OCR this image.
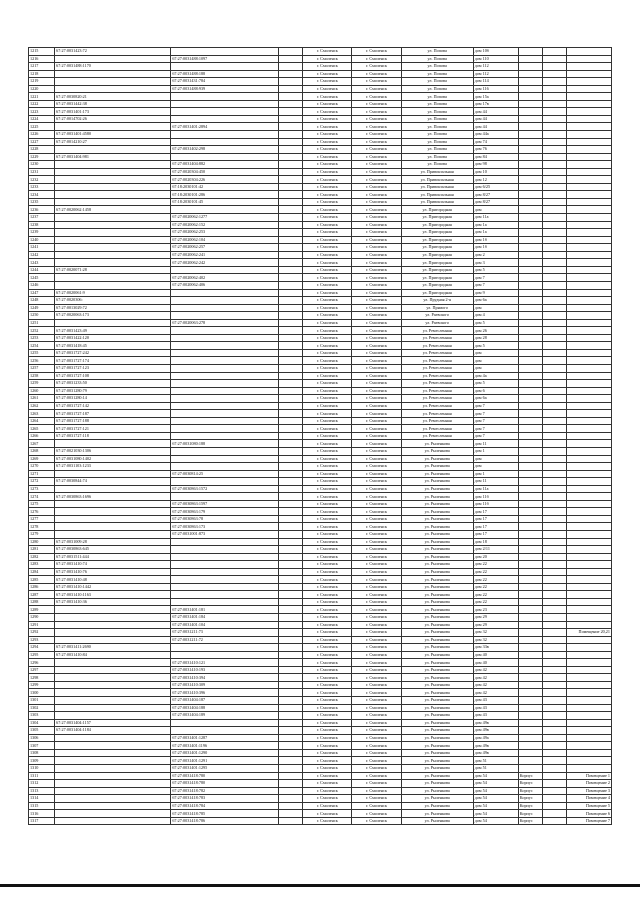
1215	67:27:0031423:72			г. Смоленск	г. Смоленск	ул. Попова	дом 10б			
1216		67:27:0031488:1097		г. Смоленск	г. Смоленск	ул. Попова	дом 110			
1217	67:27:0031488:1170			г. Смоленск	г. Смоленск	ул. Попова	дом 112			
1218		67:27:0031488:188		г. Смоленск	г. Смоленск	ул. Попова	дом 112			
1219		67:27:0031431:784		г. Смоленск	г. Смоленск	ул. Попова	дом 114			
1220		67:27:0031488:939		г. Смоленск	г. Смоленск	ул. Попова	дом 116			
1221	67:27:0030820:21			г. Смоленск	г. Смоленск	ул. Попова	дом 15а			
1222	67:27:0031442:38			г. Смоленск	г. Смоленск	ул. Попова	дом 17в			
1223	67:27:0031401:173			г. Смоленск	г. Смоленск	ул. Попова	дом 44			
1224	67:27:0014702:26			г. Смоленск	г. Смоленск	ул. Попова	дом 44			
1225		67:27:0031401:2894		г. Смоленск	г. Смоленск	ул. Попова	дом 44			
1226	67:27:0031401:4580			г. Смоленск	г. Смоленск	ул. Попова	дом 44а			
1227	67:27:0014210:27			г. Смоленск	г. Смоленск	ул. Попова	дом 74			
1228		67:27:0031402:298		г. Смоленск	г. Смоленск	ул. Попова	дом 76			
1229	67:27:0031404:981			г. Смоленск	г. Смоленск	ул. Попова	дом 84			
1230		67:27:0031404:882		г. Смоленск	г. Смоленск	ул. Попова	дом 98			
1231		67:27:0020304:450		г. Смоленск	г. Смоленск	ул. Привокзальная	дом 10			
1232		67:27:0020304:226		г. Смоленск	г. Смоленск	ул. Привокзальная	дом 12			
1233		67:18:2030101:42		г. Смоленск	г. Смоленск	ул. Привокзальная	дом 6/25			
1234		67:18:2030101:286		г. Смоленск	г. Смоленск	ул. Привокзальная	дом 8/27			
1235		67:18:2030101:45		г. Смоленск	г. Смоленск	ул. Привокзальная	дом 8/27			
1236	67:27:0020062:1458			г. Смоленск	г. Смоленск	ул. Пригородная	дом			
1237		67:27:0020062:1277		г. Смоленск	г. Смоленск	ул. Пригородная	дом 11а			
1238		67:27:0020062:152		г. Смоленск	г. Смоленск	ул. Пригородная	дом 1а			
1239		67:27:0020062:253		г. Смоленск	г. Смоленск	ул. Пригородная	дом 1а			
1240		67:27:0020062:104		г. Смоленск	г. Смоленск	ул. Пригородная	дом 1б			
1241		67:27:0020062:257		г. Смоленск	г. Смоленск	ул. Пригородная	дом 1б			
1242		67:27:0020062:241		г. Смоленск	г. Смоленск	ул. Пригородная	дом 2			
1243		67:27:0020062:242		г. Смоленск	г. Смоленск	ул. Пригородная	дом 3			
1244	67:27:0020071:28			г. Смоленск	г. Смоленск	ул. Пригородная	дом 5			
1245		67:27:0020062:402		г. Смоленск	г. Смоленск	ул. Пригородная	дом 7			
1246		67:27:0020062:406		г. Смоленск	г. Смоленск	ул. Пригородная	дом 7			
1247	67:27:0020061:9			г. Смоленск	г. Смоленск	ул. Пригородная	дом 9			
1248	67:27:0020306:			г. Смоленск	г. Смоленск	ул. Прудная 2-я	дом 6а			
1249	67:27:0013029:72			г. Смоленск	г. Смоленск	ул. Прямого	дом			
1250	67:27:0020063:173			г. Смоленск	г. Смоленск	ул. Раевского	дом 4			
1251		67:27:0020063:278		г. Смоленск	г. Смоленск	ул. Раевского	дом 5			
1252	67:27:0031423:49			г. Смоленск	г. Смоленск	ул. Ремесленная	дом 26			
1253	67:27:0031422:120			г. Смоленск	г. Смоленск	ул. Ремесленная	дом 28			
1254	67:27:0031418:45			г. Смоленск	г. Смоленск	ул. Ремесленная	дом 5			
1255	67:27:0031727:242			г. Смоленск	г. Смоленск	ул. Ремесленная	дом			
1256	67:27:0031727:174			г. Смоленск	г. Смоленск	ул. Ремесленная	дом			
1257	67:27:0031727:123			г. Смоленск	г. Смоленск	ул. Ремесленная	дом			
1258	67:27:0031727:108			г. Смоленск	г. Смоленск	ул. Ремесленная	дом 4а			
1259	67:27:0031233:50			г. Смоленск	г. Смоленск	ул. Ремесленная	дом 5			
1260	67:27:0031280:79			г. Смоленск	г. Смоленск	ул. Ремесленная	дом 6			
1261	67:27:0031280:14			г. Смоленск	г. Смоленск	ул. Ремесленная	дом 6а			
1262	67:27:0031727:142			г. Смоленск	г. Смоленск	ул. Ремесленная	дом 7			
1263	67:27:0031727:187			г. Смоленск	г. Смоленск	ул. Ремесленная	дом 7			
1264	67:27:0031727:188			г. Смоленск	г. Смоленск	ул. Ремесленная	дом 7			
1265	67:27:0031727:121			г. Смоленск	г. Смоленск	ул. Ремесленная	дом 7			
1266	67:27:0031727:118			г. Смоленск	г. Смоленск	ул. Ремесленная	дом 7			
1267		67:27:0031080:188		г. Смоленск	г. Смоленск	ул. Рыленкова	дом 11			
1268	67:27:0021030:1306			г. Смоленск	г. Смоленск	ул. Рыленкова	дом 1			
1269	67:27:0031080:1402			г. Смоленск	г. Смоленск	ул. Рыленкова	дом			
1270	67:27:0031103:1233			г. Смоленск	г. Смоленск	ул. Рыленкова	дом			
1271		67:27:0030814:25		г. Смоленск	г. Смоленск	ул. Рыленкова	дом 1			
1272	67:27:0030844:74			г. Смоленск	г. Смоленск	ул. Рыленкова	дом 11			
1273		67:27:0030863:1572		г. Смоленск	г. Смоленск	ул. Рыленкова	дом 11а			
1274	67:27:0030863:1696			г. Смоленск	г. Смоленск	ул. Рыленкова	дом 11б			
1275		67:27:0030863:1597		г. Смоленск	г. Смоленск	ул. Рыленкова	дом 11б			
1276		67:27:0030863:179		г. Смоленск	г. Смоленск	ул. Рыленкова	дом 17			
1277		67:27:0030863:78		г. Смоленск	г. Смоленск	ул. Рыленкова	дом 17			
1278		67:27:0030863:173		г. Смоленск	г. Смоленск	ул. Рыленкова	дом 17			
1279		67:27:0031001:873		г. Смоленск	г. Смоленск	ул. Рыленкова	дом 17			
1280	67:27:0031009:28			г. Смоленск	г. Смоленск	ул. Рыленкова	дом 18			
1281	67:27:0030863:645			г. Смоленск	г. Смоленск	ул. Рыленкова	дом 2/11			
1282	67:27:0031511:444			г. Смоленск	г. Смоленск	ул. Рыленкова	дом 20			
1283	67:27:0031410:74			г. Смоленск	г. Смоленск	ул. Рыленкова	дом 22			
1284	67:27:0031410:76			г. Смоленск	г. Смоленск	ул. Рыленкова	дом 22			
1285	67:27:0031410:48			г. Смоленск	г. Смоленск	ул. Рыленкова	дом 22			
1286	67:27:0031410:1442			г. Смоленск	г. Смоленск	ул. Рыленкова	дом 22			
1287	67:27:0031410:1163			г. Смоленск	г. Смоленск	ул. Рыленкова	дом 22			
1288	67:27:0031410:36			г. Смоленск	г. Смоленск	ул. Рыленкова	дом 22			
1289		67:27:0031401:181		г. Смоленск	г. Смоленск	ул. Рыленкова	дом 23			
1290		67:27:0031401:184		г. Смоленск	г. Смоленск	ул. Рыленкова	дом 29			
1291		67:27:0031401:104		г. Смоленск	г. Смоленск	ул. Рыленкова	дом 29			
1292		67:27:0031211:73		г. Смоленск	г. Смоленск	ул. Рыленкова	дом 32			Помещение 20,21
1293		67:27:0031211:72		г. Смоленск	г. Смоленск	ул. Рыленкова	дом 32			
1294	67:27:0031411:2690			г. Смоленск	г. Смоленск	ул. Рыленкова	дом 33в			
1295	67:27:0031410:84			г. Смоленск	г. Смоленск	ул. Рыленкова	дом 40			
1296		67:27:0031410:121		г. Смоленск	г. Смоленск	ул. Рыленкова	дом 40			
1297		67:27:0031410:193		г. Смоленск	г. Смоленск	ул. Рыленкова	дом 42			
1298		67:27:0031410:394		г. Смоленск	г. Смоленск	ул. Рыленкова	дом 42			
1299		67:27:0031410:309		г. Смоленск	г. Смоленск	ул. Рыленкова	дом 42			
1300		67:27:0031410:396		г. Смоленск	г. Смоленск	ул. Рыленкова	дом 42			
1301		67:27:0031404:187		г. Смоленск	г. Смоленск	ул. Рыленкова	дом 43			
1302		67:27:0031404:188		г. Смоленск	г. Смоленск	ул. Рыленкова	дом 43			
1303		67:27:0031404:189		г. Смоленск	г. Смоленск	ул. Рыленкова	дом 43			
1304	67:27:0031404:1157			г. Смоленск	г. Смоленск	ул. Рыленкова	дом 49в			
1305	67:27:0031404:1184			г. Смоленск	г. Смоленск	ул. Рыленкова	дом 49в			
1306		67:27:0031401:1287		г. Смоленск	г. Смоленск	ул. Рыленкова	дом 49а			
1307		67:27:0031401:1196		г. Смоленск	г. Смоленск	ул. Рыленкова	дом 49в			
1308		67:27:0031401:1290		г. Смоленск	г. Смоленск	ул. Рыленкова	дом 49в			
1309		67:27:0031401:1291		г. Смоленск	г. Смоленск	ул. Рыленкова	дом 51			
1310		67:27:0031401:1295		г. Смоленск	г. Смоленск	ул. Рыленкова	дом 51			
1311		67:27:0031418:780		г. Смоленск	г. Смоленск	ул. Рыленкова	дом 54	Корпус		Помещение 1
1312		67:27:0031418:780		г. Смоленск	г. Смоленск	ул. Рыленкова	дом 54	Корпус		Помещение 2
1313		67:27:0031418:782		г. Смоленск	г. Смоленск	ул. Рыленкова	дом 54	Корпус		Помещение 3
1314		67:27:0031418:783		г. Смоленск	г. Смоленск	ул. Рыленкова	дом 54	Корпус		Помещение 4
1315		67:27:0031418:784		г. Смоленск	г. Смоленск	ул. Рыленкова	дом 54	Корпус		Помещение 5
1316		67:27:0031418:785		г. Смоленск	г. Смоленск	ул. Рыленкова	дом 54	Корпус		Помещение 6
1317		67:27:0031418:786		г. Смоленск	г. Смоленск	ул. Рыленкова	дом 54	Корпус		Помещение 7
